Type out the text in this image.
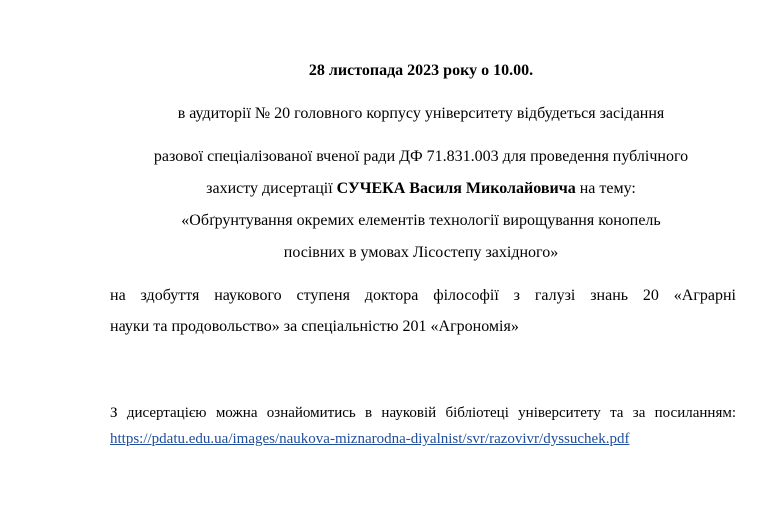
28 листопада 2023 року о 10.00.
в аудиторії № 20 головного корпусу університету відбудеться засідання
разової спеціалізованої вченої ради ДФ 71.831.003 для проведення публічного
захисту дисертації СУЧЕКА Василя Миколайовича на тему:
«Обґрунтування окремих елементів технології вирощування конопель
посівних в умовах Лісостепу західного»
на здобуття наукового ступеня доктора філософії з галузі знань 20 «Аграрні
науки та продовольство» за спеціальністю 201 «Агрономія»
З дисертацією можна ознайомитись в науковій бібліотеці університету та за посиланням:
https://pdatu.edu.ua/images/naukova-miznarodna-diyalnist/svr/razovivr/dyssuchek.pdf
